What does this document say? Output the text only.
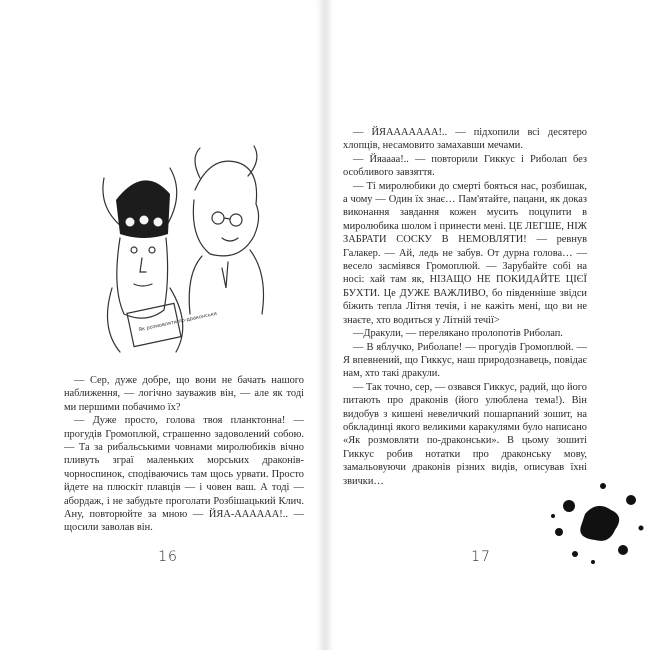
Як розмовляти по-драконськи

— Сер, дуже добре, що вони не бачать нашого наближення, — логічно зауважив він, — але як тоді ми першими побачимо їх?

— Дуже просто, голова твоя планктонна! — прогудів Громоплюй, страшенно задоволений собою. — Та за рибальськими човнами миролюбиків вічно пливуть зграї маленьких морських драконів-чорноспинок, сподіваючись там щось урвати. Просто йдете на плюскіт плавців — і човен ваш. А тоді — абордаж, і не забудьте проголати Розбішацький Клич. Ану, повторюйте за мною — ЙЯА-АААААА!.. — щосили заволав він.

16

— ЙЯААААААА!.. — підхопили всі десятеро хлопців, несамовито замахавши мечами.

— Йяаааа!.. — повторили Гиккус і Риболап без особливого завзяття.

— Ті миролюбики до смерті бояться нас, розбишак, а чому — Один їх знає… Пам'ятайте, пацани, як доказ виконання завдання кожен мусить поцупити в миролюбика шолом і принести мені. ЦЕ ЛЕГШЕ, НІЖ ЗАБРАТИ СОСКУ В НЕМОВЛЯТИ! — ревнув Галакер. — Ай, ледь не забув. От дурна голова… — весело засміявся Громоплюй. — Зарубайте собі на носі: хай там як, НІЗАЩО НЕ ПОКИДАЙТЕ ЦІЄЇ БУХТИ. Це ДУЖЕ ВАЖЛИВО, бо південніше звідси біжить тепла Літня течія, і не кажіть мені, що ви не знаєте, хто водиться у Літній течії>

—Дракули, — перелякано пролопотів Риболап.

— В яблучко, Риболапе! — прогудів Громоплюй. — Я впевнений, що Гиккус, наш природознавець, повідає нам, хто такі дракули.

— Так точно, сер, — озвався Гиккус, радий, що його питають про драконів (його улюблена тема!). Він видобув з кишені невеличкий пошарпаний зошит, на обкладинці якого великими каракулями було написано «Як розмовляти по-драконськи». В цьому зошиті Гиккус робив нотатки про драконську мову, замальовуючи драконів різних видів, описував їхні звички…

17
